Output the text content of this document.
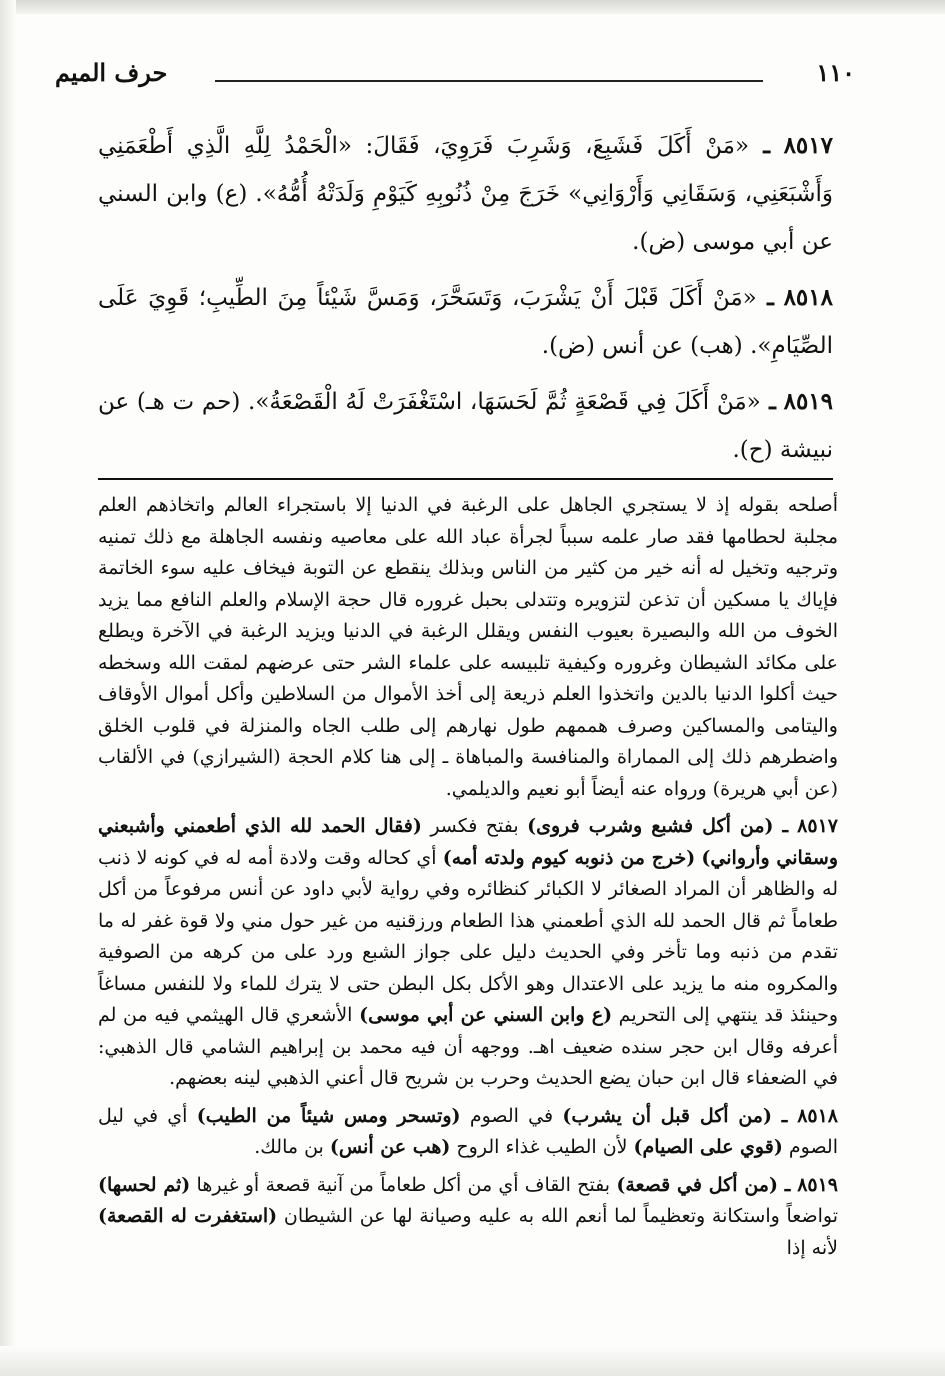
١١٠
حرف الميم

٨٥١٧ ـ «مَنْ أَكَلَ فَشَبِعَ، وَشَرِبَ فَرَوِيَ، فَقَالَ: «الْحَمْدُ لِلَّهِ الَّذِي أَطْعَمَنِي وَأَشْبَعَنِي، وَسَقَانِي وَأَرْوَانِي» خَرَجَ مِنْ ذُنُوبِهِ كَيَوْمِ وَلَدَتْهُ أُمُّهُ». (ع) وابن السني عن أبي موسى (ض).

٨٥١٨ ـ «مَنْ أَكَلَ قَبْلَ أَنْ يَشْرَبَ، وَتَسَحَّرَ، وَمَسَّ شَيْئاً مِنَ الطِّيبِ؛ قَوِيَ عَلَى الصِّيَامِ». (هب) عن أنس (ض).

٨٥١٩ ـ «مَنْ أَكَلَ فِي قَصْعَةٍ ثُمَّ لَحَسَهَا، اسْتَغْفَرَتْ لَهُ الْقَصْعَةُ». (حم ت هـ) عن نبيشة (ح).

أصلحه بقوله إذ لا يستجري الجاهل على الرغبة في الدنيا إلا باستجراء العالم واتخاذهم العلم مجلبة لحطامها فقد صار علمه سبباً لجرأة عباد الله على معاصيه ونفسه الجاهلة مع ذلك تمنيه وترجيه وتخيل له أنه خير من كثير من الناس وبذلك ينقطع عن التوبة فيخاف عليه سوء الخاتمة فإياك يا مسكين أن تذعن لتزويره وتتدلى بحبل غروره قال حجة الإسلام والعلم النافع مما يزيد الخوف من الله والبصيرة بعيوب النفس ويقلل الرغبة في الدنيا ويزيد الرغبة في الآخرة ويطلع على مكائد الشيطان وغروره وكيفية تلبيسه على علماء الشر حتى عرضهم لمقت الله وسخطه حيث أكلوا الدنيا بالدين واتخذوا العلم ذريعة إلى أخذ الأموال من السلاطين وأكل أموال الأوقاف واليتامى والمساكين وصرف هممهم طول نهارهم إلى طلب الجاه والمنزلة في قلوب الخلق واضطرهم ذلك إلى المماراة والمنافسة والمباهاة ـ إلى هنا كلام الحجة (الشيرازي) في الألقاب (عن أبي هريرة) ورواه عنه أيضاً أبو نعيم والديلمي.

٨٥١٧ ـ (من أكل فشبع وشرب فروى) بفتح فكسر (فقال الحمد لله الذي أطعمني وأشبعني وسقاني وأرواني) (خرج من ذنوبه كيوم ولدته أمه) أي كحاله وقت ولادة أمه له في كونه لا ذنب له والظاهر أن المراد الصغائر لا الكبائر كنظائره وفي رواية لأبي داود عن أنس مرفوعاً من أكل طعاماً ثم قال الحمد لله الذي أطعمني هذا الطعام ورزقنيه من غير حول مني ولا قوة غفر له ما تقدم من ذنبه وما تأخر وفي الحديث دليل على جواز الشبع ورد على من كرهه من الصوفية والمكروه منه ما يزيد على الاعتدال وهو الأكل بكل البطن حتى لا يترك للماء ولا للنفس مساغاً وحينئذ قد ينتهي إلى التحريم (ع وابن السني عن أبي موسى) الأشعري قال الهيثمي فيه من لم أعرفه وقال ابن حجر سنده ضعيف اهـ. ووجهه أن فيه محمد بن إبراهيم الشامي قال الذهبي: في الضعفاء قال ابن حبان يضع الحديث وحرب بن شريح قال أعني الذهبي لينه بعضهم.

٨٥١٨ ـ (من أكل قبل أن يشرب) في الصوم (وتسحر ومس شيئاً من الطيب) أي في ليل الصوم (قوي على الصيام) لأن الطيب غذاء الروح (هب عن أنس) بن مالك.

٨٥١٩ ـ (من أكل في قصعة) بفتح القاف أي من أكل طعاماً من آنية قصعة أو غيرها (ثم لحسها) تواضعاً واستكانة وتعظيماً لما أنعم الله به عليه وصيانة لها عن الشيطان (استغفرت له القصعة) لأنه إذا
